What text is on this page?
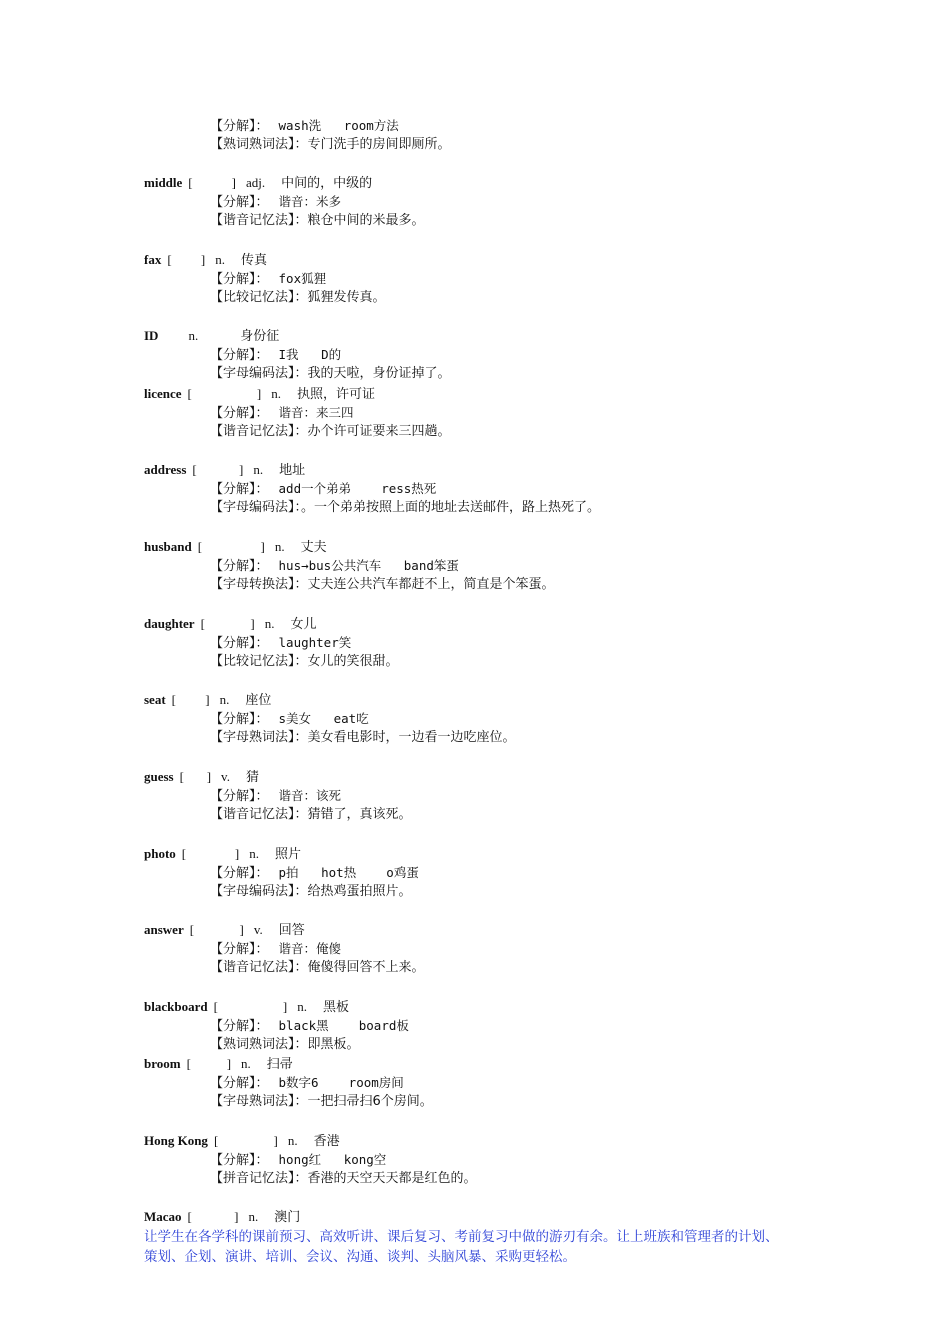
【分解】： wash洗   room方法
【熟词熟词法】：专门洗手的房间即厕所。
middle [            ] adj. 中间的，中级的
【分解】： 谐音：米多
【谐音记忆法】：粮仓中间的米最多。
fax [         ] n. 传真
【分解】： fox狐狸
【比较记忆法】：狐狸发传真。
ID n.	身份征
【分解】： I我   D的
【字母编码法】：我的天啦，身份证掉了。
licence [                    ] n. 执照，许可证
【分解】： 谐音：来三四
【谐音记忆法】：办个许可证要来三四趟。
address [             ] n. 地址
【分解】： add一个弟弟    ress热死
【字母编码法】：。一个弟弟按照上面的地址去送邮件，路上热死了。
husband [                  ] n. 丈夫
【分解】： hus→bus公共汽车   band笨蛋
【字母转换法】：丈夫连公共汽车都赶不上，简直是个笨蛋。
daughter [              ] n. 女儿
【分解】： laughter笑
【比较记忆法】：女儿的笑很甜。
seat [         ] n. 座位
【分解】： s美女   eat吃
【字母熟词法】：美女看电影时，一边看一边吃座位。
guess [       ] v. 猜
【分解】： 谐音：该死
【谐音记忆法】：猜错了，真该死。
photo [               ] n. 照片
【分解】： p拍   hot热    o鸡蛋
【字母编码法】：给热鸡蛋拍照片。
answer [              ] v. 回答
【分解】： 谐音：俺傻
【谐音记忆法】：俺傻得回答不上来。
blackboard [                    ] n. 黑板
【分解】： black黑    board板
【熟词熟词法】：即黑板。
broom [           ] n. 扫帚
【分解】： b数字6    room房间
【字母熟词法】：一把扫帚扫6个房间。
Hong Kong [                 ] n. 香港
【分解】： hong红   kong空
【拼音记忆法】：香港的天空天天都是红色的。
Macao [             ] n. 澳门
让学生在各学科的课前预习、高效听讲、课后复习、考前复习中做的游刃有余。让上班族和管理者的计划、策划、企划、演讲、培训、会议、沟通、谈判、头脑风暴、采购更轻松。
